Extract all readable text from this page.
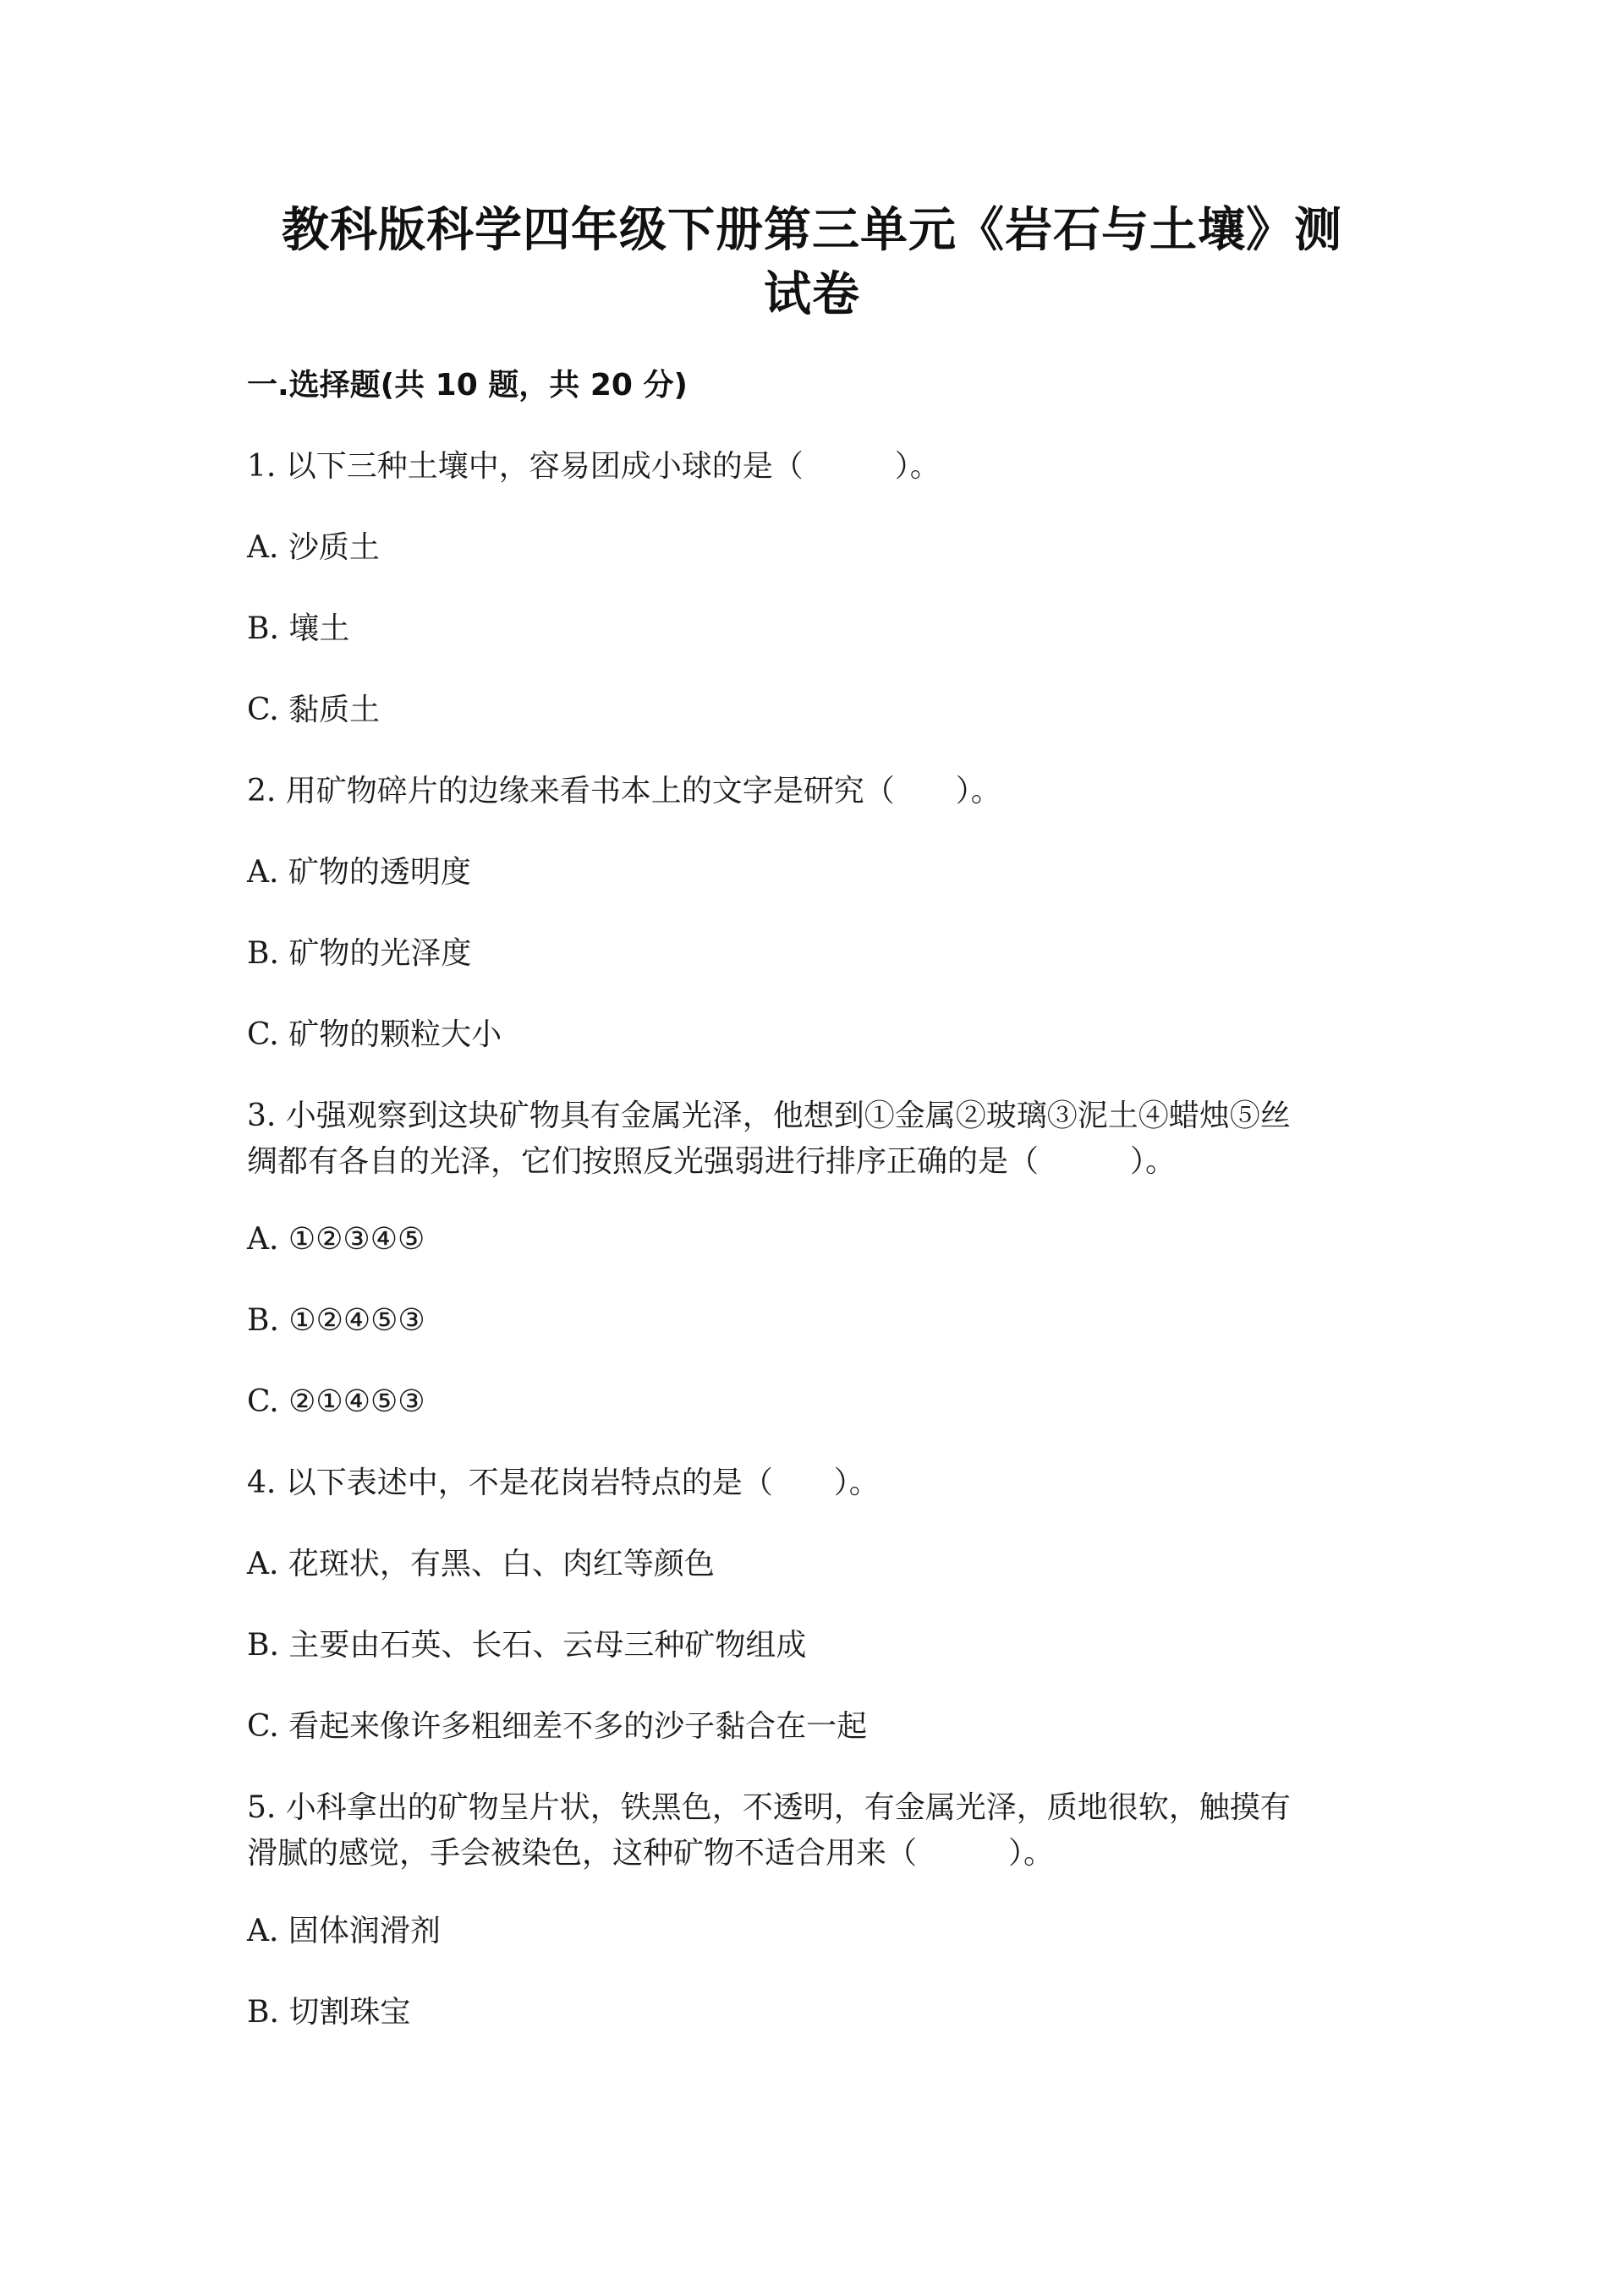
教科版科学四年级下册第三单元《岩石与土壤》测
试卷
一.选择题(共 10 题，共 20 分)
1. 以下三种土壤中，容易团成小球的是（　　　）。
A. 沙质土
B. 壤土
C. 黏质土
2. 用矿物碎片的边缘来看书本上的文字是研究（　　）。
A. 矿物的透明度
B. 矿物的光泽度
C. 矿物的颗粒大小
3. 小强观察到这块矿物具有金属光泽，他想到①金属②玻璃③泥土④蜡烛⑤丝
绸都有各自的光泽，它们按照反光强弱进行排序正确的是（　　　）。
A. ①②③④⑤
B. ①②④⑤③
C. ②①④⑤③
4. 以下表述中，不是花岗岩特点的是（　　）。
A. 花斑状，有黑、白、肉红等颜色
B. 主要由石英、长石、云母三种矿物组成
C. 看起来像许多粗细差不多的沙子黏合在一起
5. 小科拿出的矿物呈片状，铁黑色，不透明，有金属光泽，质地很软，触摸有
滑腻的感觉，手会被染色，这种矿物不适合用来（　　　）。
A. 固体润滑剂
B. 切割珠宝
